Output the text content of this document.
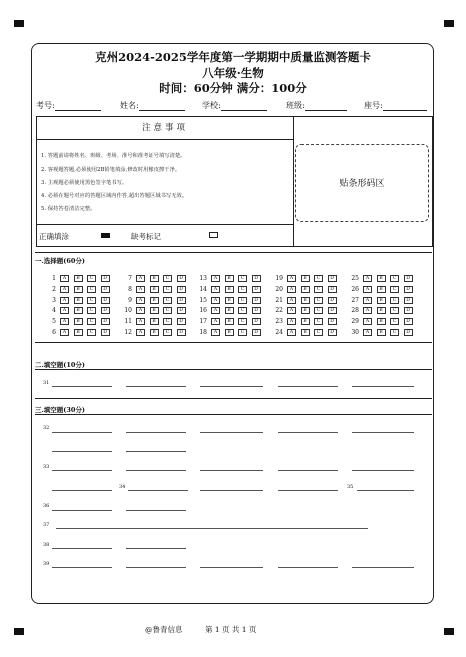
克州2024-2025学年度第一学期期中质量监测答题卡
八年级·生物
时间：60分钟 满分：100分
考号:	姓名:	学校:	班级:	座号:
注意事项
1. 答题前请将姓名、班级、考场、准号和准考证号填写清楚。
2. 客观题答题,必须使用2B铅笔填涂,修改时用橡皮擦干净。
3. 主观题必须使用黑色签字笔书写。
4. 必须在题号对应的答题区域内作答,超出答题区域书写无效。
5. 保持答卷清洁完整。
正确填涂	缺考标记
贴条形码区
一.选择题(60分)
1	A	B	C	D
2	A	B	C	D
3	A	B	C	D
4	A	B	C	D
5	A	B	C	D
6	A	B	C	D
7	A	B	C	D
8	A	B	C	D
9	A	B	C	D
10	A	B	C	D
11	A	B	C	D
12	A	B	C	D
13	A	B	C	D
14	A	B	C	D
15	A	B	C	D
16	A	B	C	D
17	A	B	C	D
18	A	B	C	D
19	A	B	C	D
20	A	B	C	D
21	A	B	C	D
22	A	B	C	D
23	A	B	C	D
24	A	B	C	D
25	A	B	C	D
26	A	B	C	D
27	A	B	C	D
28	A	B	C	D
29	A	B	C	D
30	A	B	C	D
二.填空题(10分)
31
三.填空题(30分)
32
33
34	35
36
37
38
39
@鲁青信息	第 1 页 共 1 页
